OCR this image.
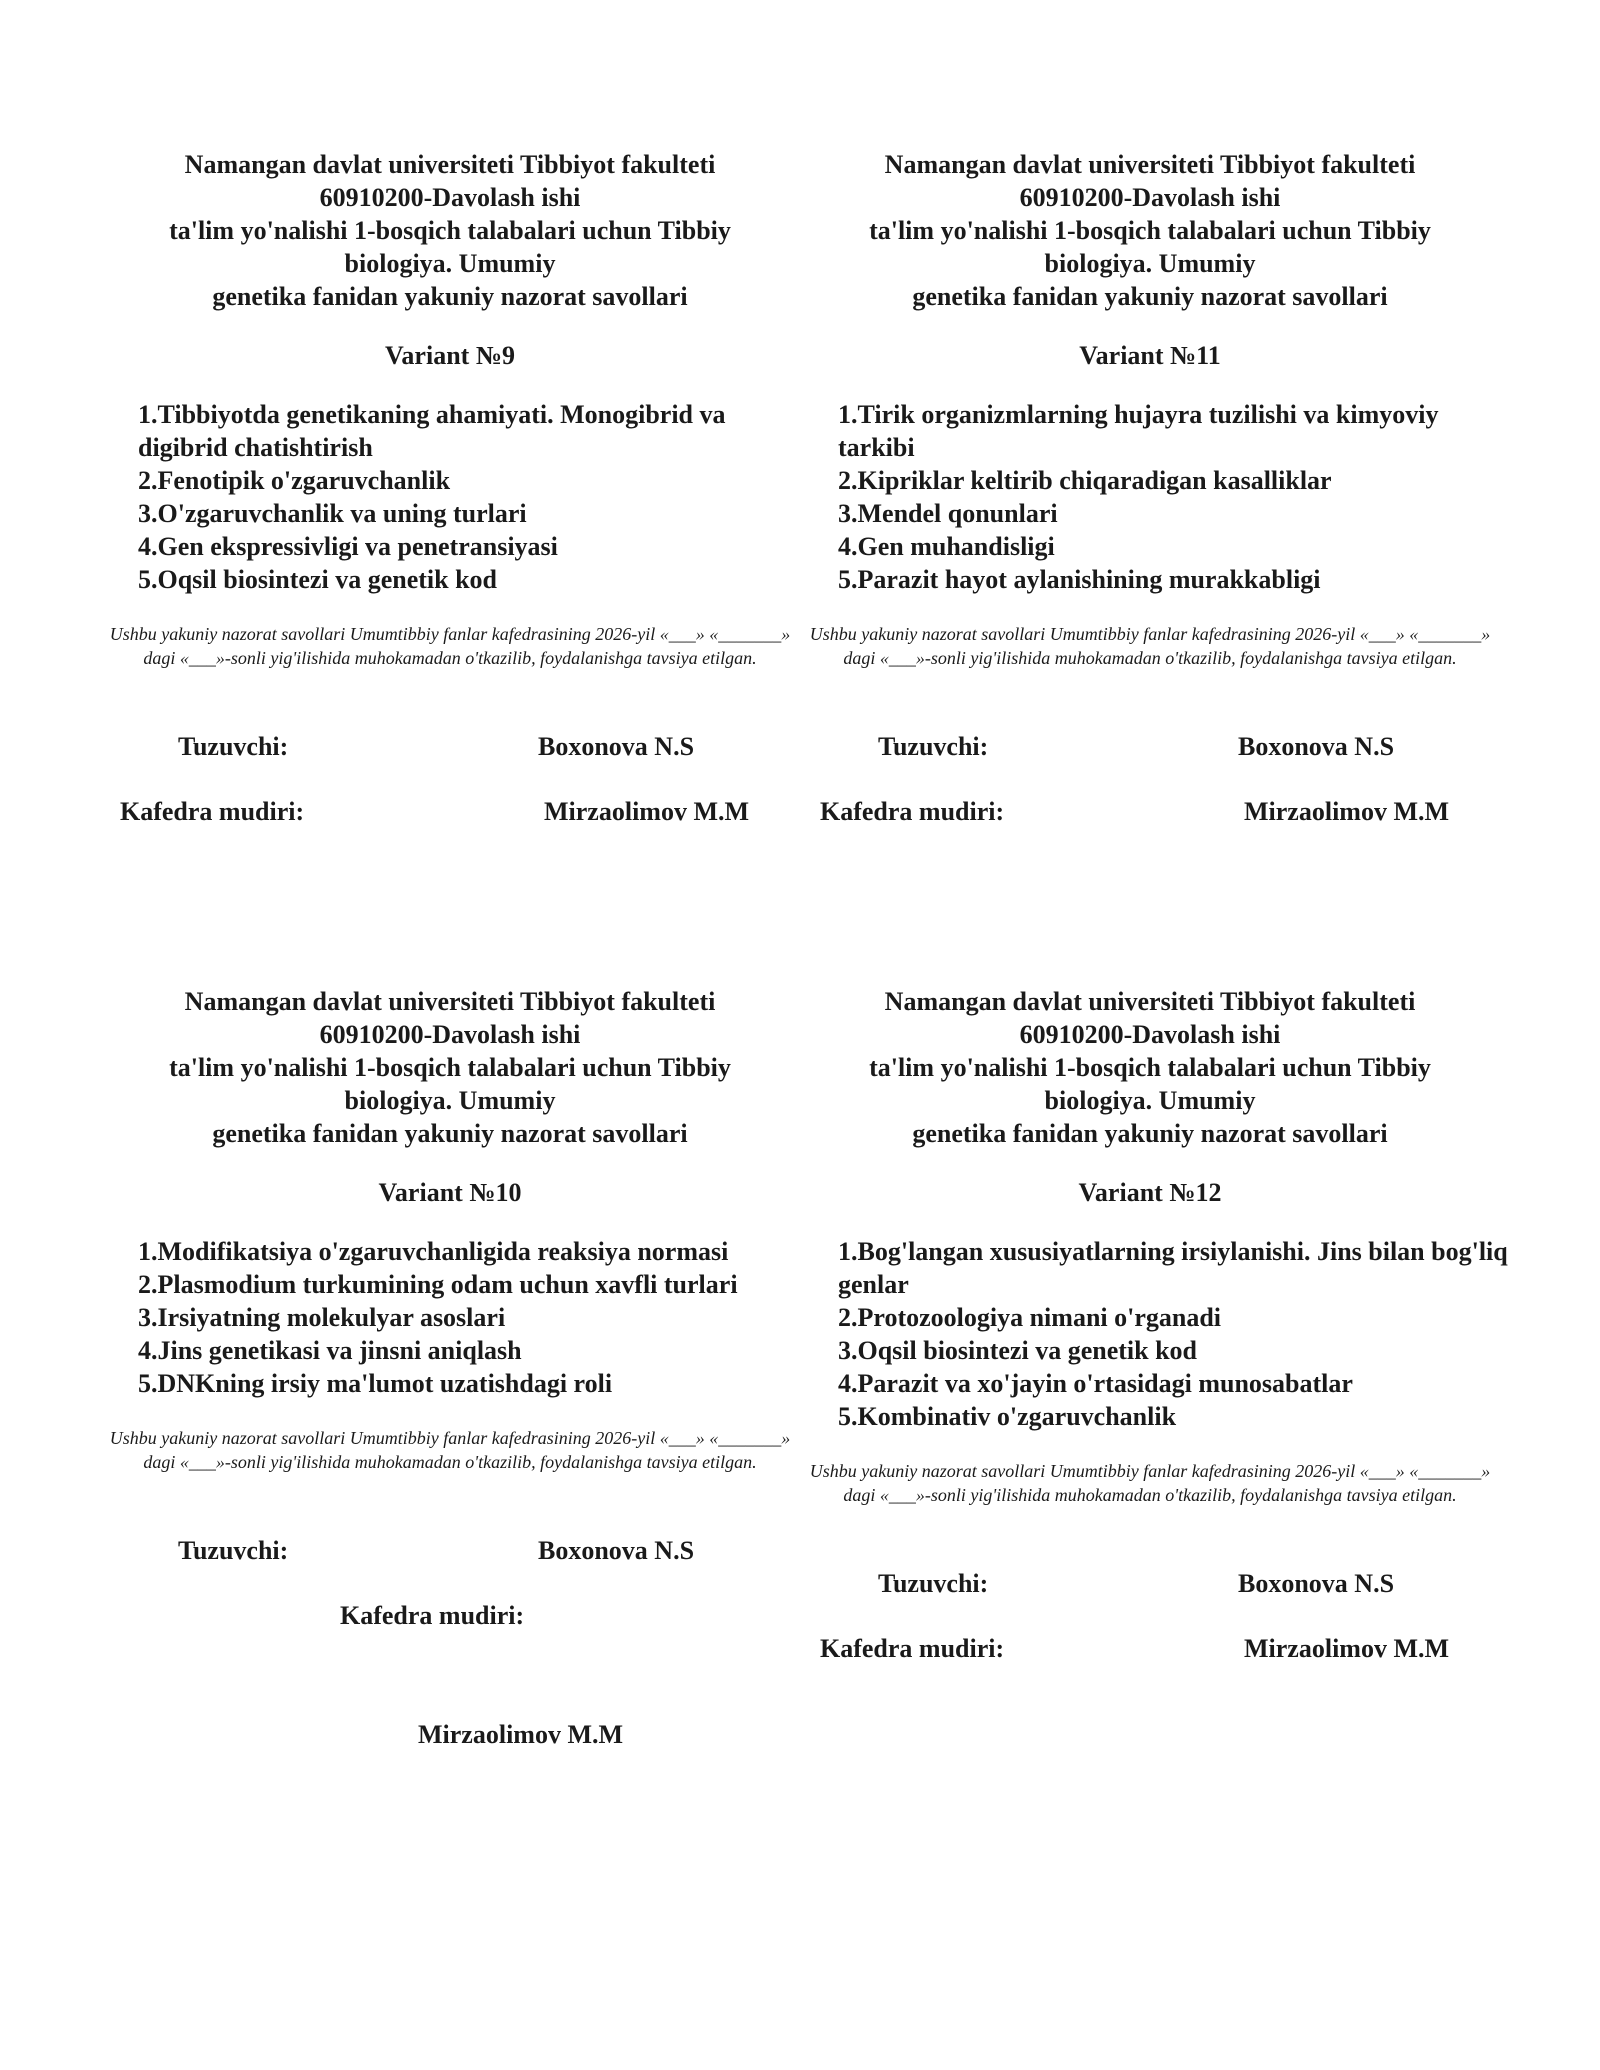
Namangan davlat universiteti Tibbiyot fakulteti
60910200-Davolash ishi
ta'lim yo'nalishi 1-bosqich talabalari uchun Tibbiy
biologiya. Umumiy
genetika fanidan yakuniy nazorat savollari
Variant №9
1.Tibbiyotda genetikaning ahamiyati. Monogibrid va digibrid chatishtirish
2.Fenotipik o'zgaruvchanlik
3.O'zgaruvchanlik va uning turlari
4.Gen ekspressivligi va penetransiyasi
5.Oqsil biosintezi va genetik kod
Ushbu yakuniy nazorat savollari Umumtibbiy fanlar kafedrasining 2026-yil «___» «_______» dagi «___»-sonli yig'ilishida muhokamadan o'tkazilib, foydalanishga tavsiya etilgan.
Tuzuvchi:	Boxonova N.S
Kafedra mudiri:	Mirzaolimov M.M
Namangan davlat universiteti Tibbiyot fakulteti
60910200-Davolash ishi
ta'lim yo'nalishi 1-bosqich talabalari uchun Tibbiy
biologiya. Umumiy
genetika fanidan yakuniy nazorat savollari
Variant №11
1.Tirik organizmlarning hujayra tuzilishi va kimyoviy tarkibi
2.Kipriklar keltirib chiqaradigan kasalliklar
3.Mendel qonunlari
4.Gen muhandisligi
5.Parazit hayot aylanishining murakkabligi
Ushbu yakuniy nazorat savollari Umumtibbiy fanlar kafedrasining 2026-yil «___» «_______» dagi «___»-sonli yig'ilishida muhokamadan o'tkazilib, foydalanishga tavsiya etilgan.
Tuzuvchi:	Boxonova N.S
Kafedra mudiri:	Mirzaolimov M.M
Namangan davlat universiteti Tibbiyot fakulteti
60910200-Davolash ishi
ta'lim yo'nalishi 1-bosqich talabalari uchun Tibbiy
biologiya. Umumiy
genetika fanidan yakuniy nazorat savollari
Variant №10
1.Modifikatsiya o'zgaruvchanligida reaksiya normasi
2.Plasmodium turkumining odam uchun xavfli turlari
3.Irsiyatning molekulyar asoslari
4.Jins genetikasi va jinsni aniqlash
5.DNKning irsiy ma'lumot uzatishdagi roli
Ushbu yakuniy nazorat savollari Umumtibbiy fanlar kafedrasining 2026-yil «___» «_______» dagi «___»-sonli yig'ilishida muhokamadan o'tkazilib, foydalanishga tavsiya etilgan.
Tuzuvchi:	Boxonova N.S
Kafedra mudiri:
Mirzaolimov M.M
Namangan davlat universiteti Tibbiyot fakulteti
60910200-Davolash ishi
ta'lim yo'nalishi 1-bosqich talabalari uchun Tibbiy
biologiya. Umumiy
genetika fanidan yakuniy nazorat savollari
Variant №12
1.Bog'langan xususiyatlarning irsiylanishi. Jins bilan bog'liq genlar
2.Protozoologiya nimani o'rganadi
3.Oqsil biosintezi va genetik kod
4.Parazit va xo'jayin o'rtasidagi munosabatlar
5.Kombinativ o'zgaruvchanlik
Ushbu yakuniy nazorat savollari Umumtibbiy fanlar kafedrasining 2026-yil «___» «_______» dagi «___»-sonli yig'ilishida muhokamadan o'tkazilib, foydalanishga tavsiya etilgan.
Tuzuvchi:	Boxonova N.S
Kafedra mudiri:	Mirzaolimov M.M
